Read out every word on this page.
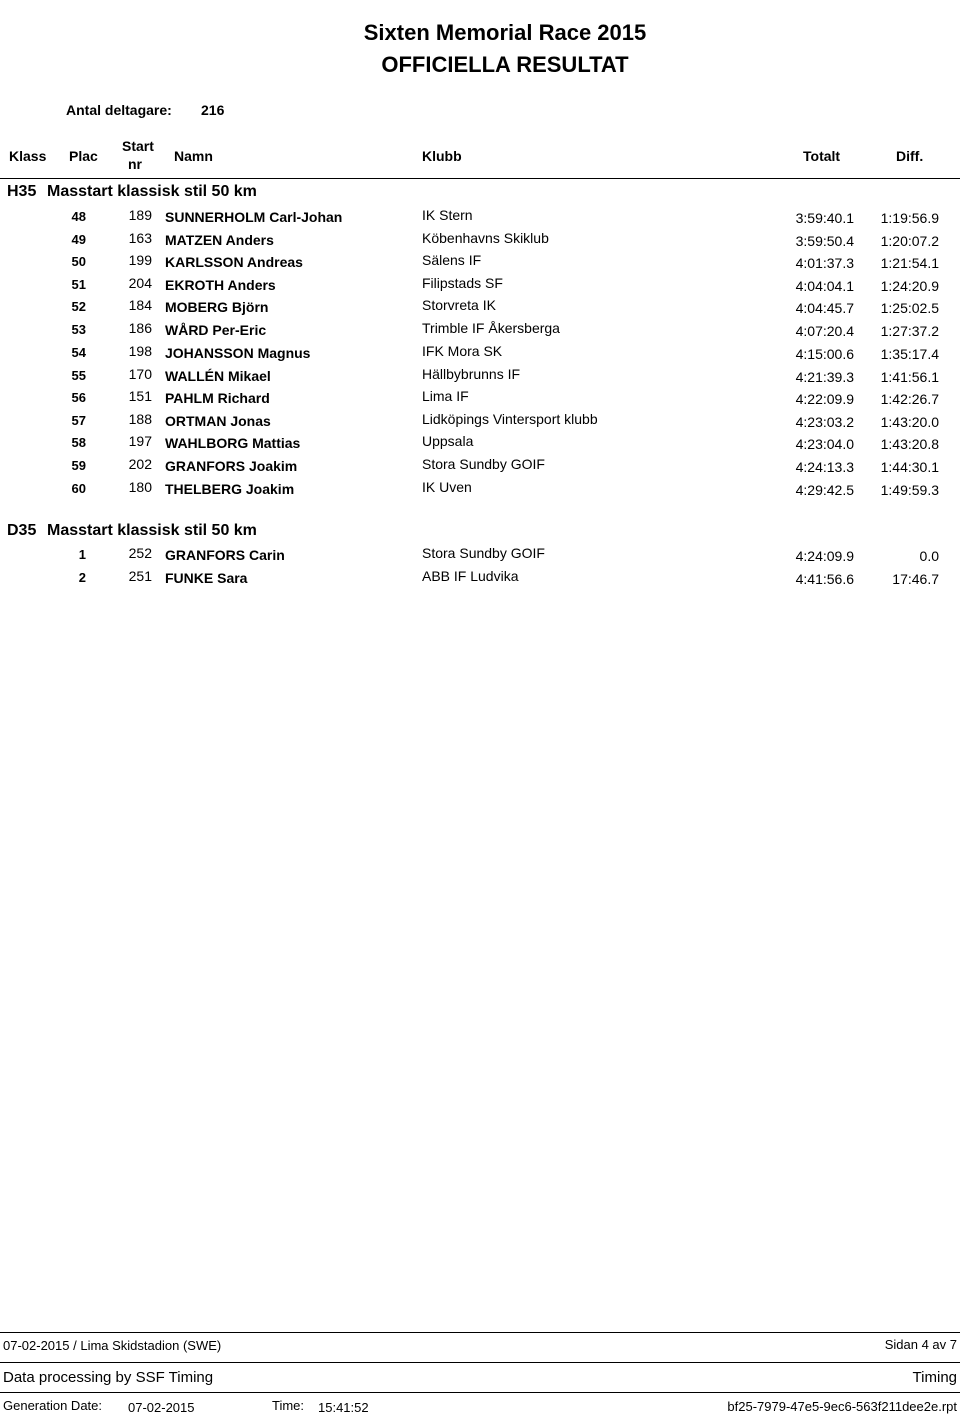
Sixten Memorial Race 2015
OFFICIELLA RESULTAT
Antal deltagare: 216
Klass Plac
Start
nr Namn	Klubb	Totalt	Diff.
H35 Masstart klassisk stil 50 km
48	189 SUNNERHOLM Carl-Johan	IK Stern	3:59:40.1	1:19:56.9
49	163 MATZEN Anders	Köbenhavns Skiklub	3:59:50.4	1:20:07.2
50	199 KARLSSON Andreas	Sälens IF	4:01:37.3	1:21:54.1
51	204 EKROTH Anders	Filipstads SF	4:04:04.1	1:24:20.9
52	184 MOBERG Björn	Storvreta IK	4:04:45.7	1:25:02.5
53	186 WÅRD Per-Eric	Trimble IF Åkersberga	4:07:20.4	1:27:37.2
54	198 JOHANSSON Magnus	IFK Mora SK	4:15:00.6	1:35:17.4
55	170 WALLÉN Mikael	Hällbybrunns IF	4:21:39.3	1:41:56.1
56	151 PAHLM Richard	Lima IF	4:22:09.9	1:42:26.7
57	188 ORTMAN Jonas	Lidköpings Vintersport klubb	4:23:03.2	1:43:20.0
58	197 WAHLBORG Mattias	Uppsala	4:23:04.0	1:43:20.8
59	202 GRANFORS Joakim	Stora Sundby GOIF	4:24:13.3	1:44:30.1
60	180 THELBERG Joakim	IK Uven	4:29:42.5	1:49:59.3
D35 Masstart klassisk stil 50 km
1	252 GRANFORS Carin	Stora Sundby GOIF	4:24:09.9	0.0
2	251 FUNKE Sara	ABB IF Ludvika	4:41:56.6	17:46.7
07-02-2015 / Lima Skidstadion (SWE)	Sidan 4 av 7
Data processing by SSF Timing	Timing
Generation Date: 07-02-2015	Time: 15:41:52	bf25-7979-47e5-9ec6-563f211dee2e.rpt
